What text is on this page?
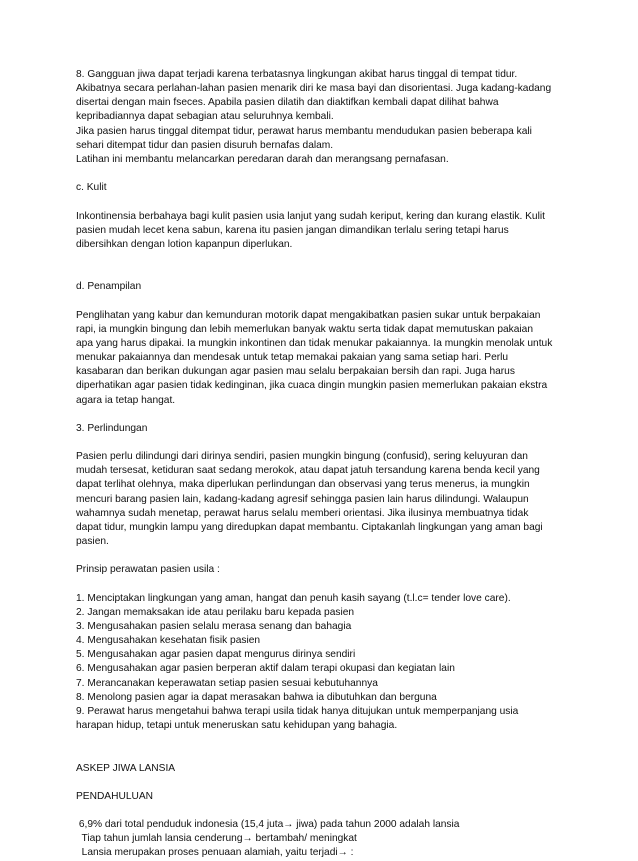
8. Gangguan jiwa dapat terjadi karena terbatasnya lingkungan akibat harus tinggal di tempat tidur.

Akibatnya secara perlahan-lahan pasien menarik diri ke masa bayi dan disorientasi. Juga kadang-kadang

disertai dengan main fseces. Apabila pasien dilatih dan diaktifkan kembali dapat dilihat bahwa

kepribadiannya dapat sebagian atau seluruhnya kembali.

Jika pasien harus tinggal ditempat tidur, perawat harus membantu mendudukan pasien beberapa kali

sehari ditempat tidur dan pasien disuruh bernafas dalam.

Latihan ini membantu melancarkan peredaran darah dan merangsang pernafasan.

c. Kulit

Inkontinensia berbahaya bagi kulit pasien usia lanjut yang sudah keriput, kering dan kurang elastik. Kulit

pasien mudah lecet kena sabun, karena itu pasien jangan dimandikan terlalu sering tetapi harus

dibersihkan dengan lotion kapanpun diperlukan.

d. Penampilan

Penglihatan yang kabur dan kemunduran motorik dapat mengakibatkan pasien sukar untuk berpakaian

rapi, ia mungkin bingung dan lebih memerlukan banyak waktu serta tidak dapat memutuskan pakaian

apa yang harus dipakai. Ia mungkin inkontinen dan tidak menukar pakaiannya. Ia mungkin menolak untuk

menukar pakaiannya dan mendesak untuk tetap memakai pakaian yang sama setiap hari. Perlu

kasabaran dan berikan dukungan agar pasien mau selalu berpakaian bersih dan rapi. Juga harus

diperhatikan agar pasien tidak kedinginan, jika cuaca dingin mungkin pasien memerlukan pakaian ekstra

agara ia tetap hangat.

3. Perlindungan

Pasien perlu dilindungi dari dirinya sendiri, pasien mungkin bingung (confusid), sering keluyuran dan

mudah tersesat, ketiduran saat sedang merokok, atau dapat jatuh tersandung karena benda kecil yang

dapat terlihat olehnya, maka diperlukan perlindungan dan observasi yang terus menerus, ia mungkin

mencuri barang pasien lain, kadang-kadang agresif sehingga pasien lain harus dilindungi. Walaupun

wahamnya sudah menetap, perawat harus selalu memberi orientasi. Jika ilusinya membuatnya tidak

dapat tidur, mungkin lampu yang diredupkan dapat membantu. Ciptakanlah lingkungan yang aman bagi

pasien.

Prinsip perawatan pasien usila :

1. Menciptakan lingkungan yang aman, hangat dan penuh kasih sayang (t.l.c= tender love care).

2. Jangan memaksakan ide atau perilaku baru kepada pasien

3. Mengusahakan pasien selalu merasa senang dan bahagia

4. Mengusahakan kesehatan fisik pasien

5. Mengusahakan agar pasien dapat mengurus dirinya sendiri

6. Mengusahakan agar pasien berperan aktif dalam terapi okupasi dan kegiatan lain

7. Merancanakan keperawatan setiap pasien sesuai kebutuhannya

8. Menolong pasien agar ia dapat merasakan bahwa ia dibutuhkan dan berguna

9. Perawat harus mengetahui bahwa terapi usila tidak hanya ditujukan untuk memperpanjang usia

harapan hidup, tetapi untuk meneruskan satu kehidupan yang bahagia.

ASKEP JIWA LANSIA

PENDAHULUAN

6,9% dari total penduduk indonesia (15,4 juta→ jiwa) pada tahun 2000 adalah lansia

Tiap tahun jumlah lansia cenderung→ bertambah/ meningkat

Lansia merupakan proses penuaan alamiah, yaitu terjadi→ :
